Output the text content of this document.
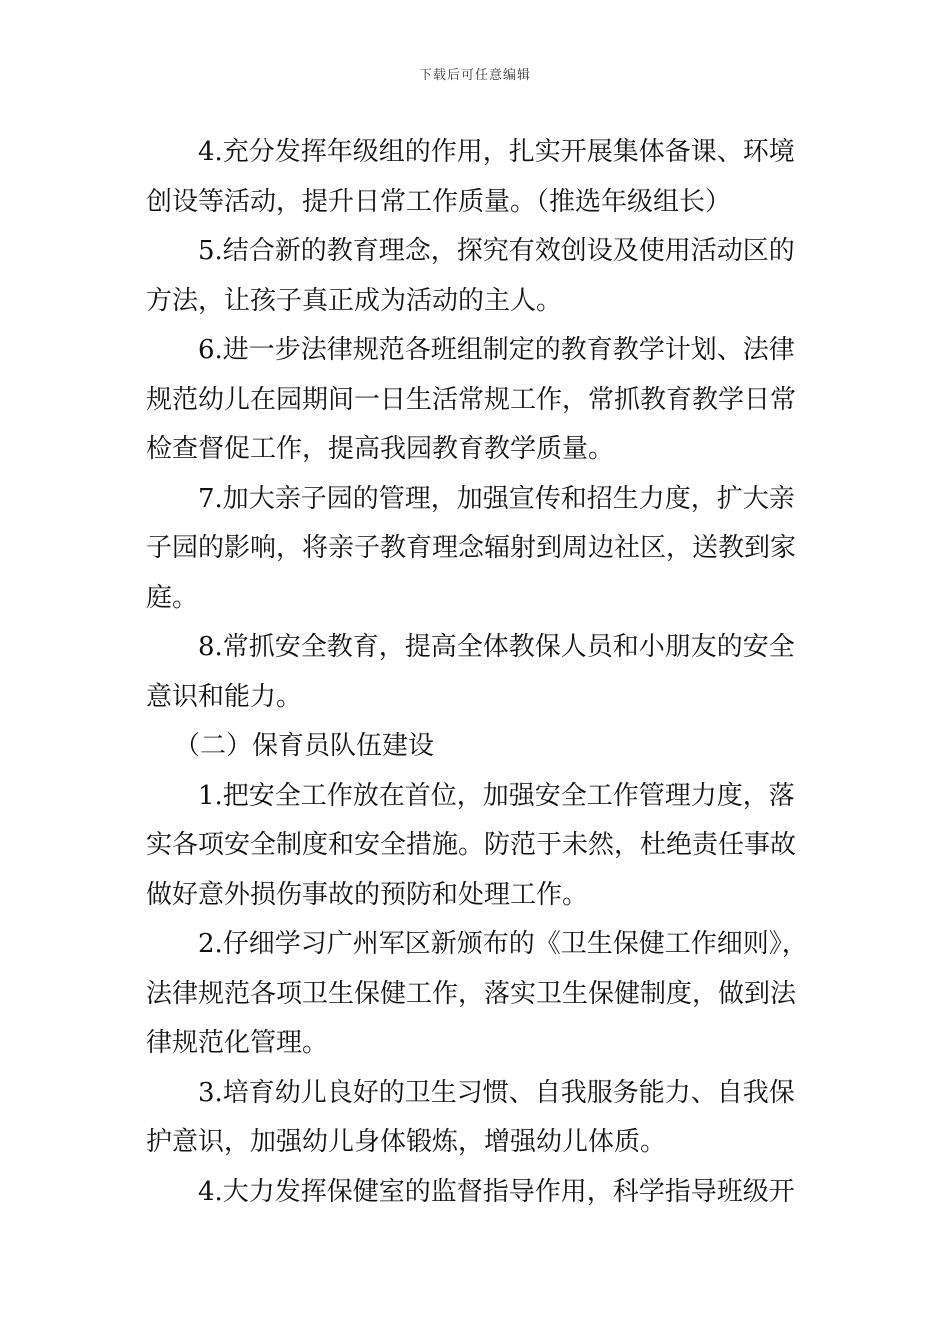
下载后可任意编辑
4.充分发挥年级组的作用，扎实开展集体备课、环境
创设等活动，提升日常工作质量。（推选年级组长）
5.结合新的教育理念，探究有效创设及使用活动区的
方法，让孩子真正成为活动的主人。
6.进一步法律规范各班组制定的教育教学计划、法律
规范幼儿在园期间一日生活常规工作，常抓教育教学日常
检查督促工作，提高我园教育教学质量。
7.加大亲子园的管理，加强宣传和招生力度，扩大亲
子园的影响，将亲子教育理念辐射到周边社区，送教到家
庭。
8.常抓安全教育，提高全体教保人员和小朋友的安全
意识和能力。
（二）保育员队伍建设
1.把安全工作放在首位，加强安全工作管理力度，落
实各项安全制度和安全措施。防范于未然，杜绝责任事故
做好意外损伤事故的预防和处理工作。
2.仔细学习广州军区新颁布的《卫生保健工作细则》，
法律规范各项卫生保健工作，落实卫生保健制度，做到法
律规范化管理。
3.培育幼儿良好的卫生习惯、自我服务能力、自我保
护意识，加强幼儿身体锻炼，增强幼儿体质。
4.大力发挥保健室的监督指导作用，科学指导班级开
